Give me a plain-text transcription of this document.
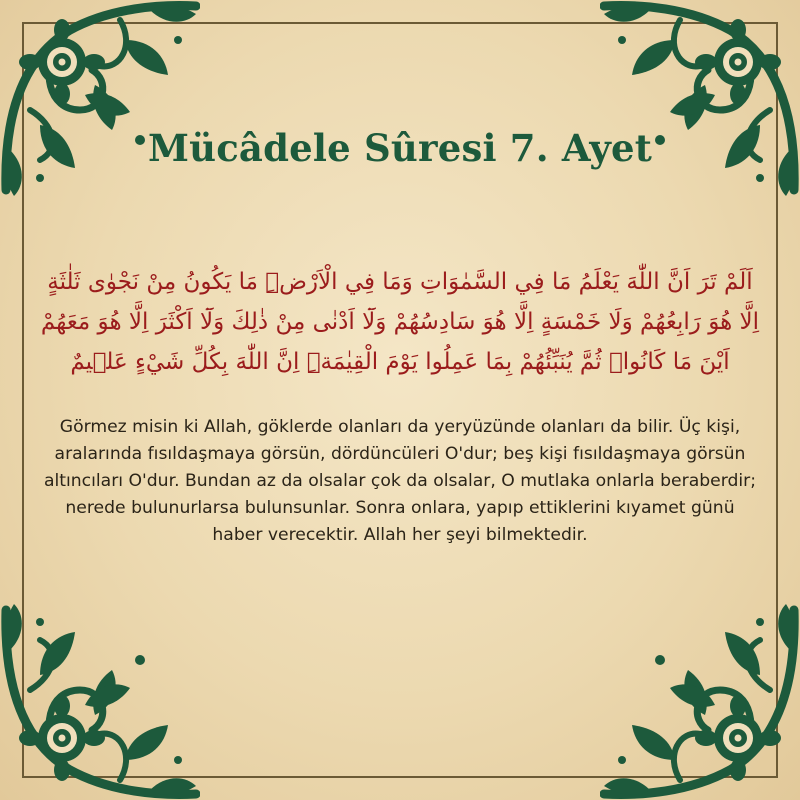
Mücâdele Sûresi 7. Ayet
اَلَمْ تَرَ اَنَّ اللّٰهَ يَعْلَمُ مَا فِي السَّمٰوَاتِ وَمَا فِي الْاَرْضِۜ مَا يَكُونُ مِنْ نَجْوٰى ثَلٰثَةٍ اِلَّا هُوَ رَابِعُهُمْ وَلَا خَمْسَةٍ اِلَّا هُوَ سَادِسُهُمْ وَلَٓا اَدْنٰى مِنْ ذٰلِكَ وَلَٓا اَكْثَرَ اِلَّا هُوَ مَعَهُمْ اَيْنَ مَا كَانُواۚ ثُمَّ يُنَبِّئُهُمْ بِمَا عَمِلُوا يَوْمَ الْقِيٰمَةِۜ اِنَّ اللّٰهَ بِكُلِّ شَيْءٍ عَل۪يمٌ
Görmez misin ki Allah, göklerde olanları da yeryüzünde olanları da bilir. Üç kişi, aralarında fısıldaşmaya görsün, dördüncüleri O'dur; beş kişi fısıldaşmaya görsün altıncıları O'dur. Bundan az da olsalar çok da olsalar, O mutlaka onlarla beraberdir; nerede bulunurlarsa bulunsunlar. Sonra onlara, yapıp ettiklerini kıyamet günü haber verecektir. Allah her şeyi bilmektedir.
